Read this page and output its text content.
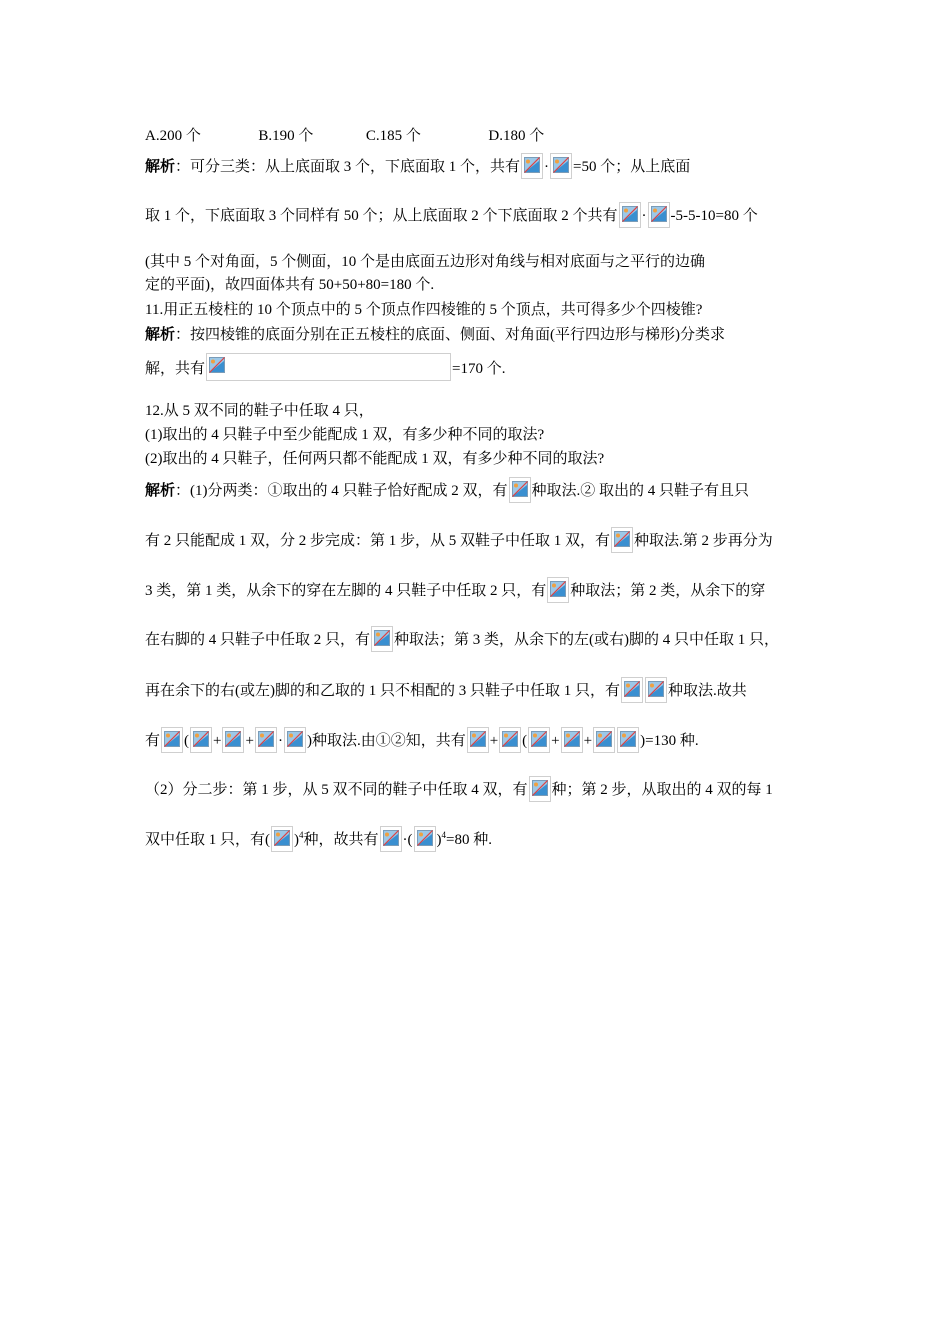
A.200 个	B.190 个	C.185 个	D.180 个
解析：可分三类：从上底面取 3 个，下底面取 1 个，共有 · =50 个；从上底面
取 1 个，下底面取 3 个同样有 50 个；从上底面取 2 个下底面取 2 个共有 · -5-5-10=80 个
(其中 5 个对角面，5 个侧面，10 个是由底面五边形对角线与相对底面与之平行的边确
定的平面)，故四面体共有 50+50+80=180 个.
11.用正五棱柱的 10 个顶点中的 5 个顶点作四棱锥的 5 个顶点，共可得多少个四棱锥?
解析：按四棱锥的底面分别在正五棱柱的底面、侧面、对角面(平行四边形与梯形)分类求
解，共有	=170 个.
12.从 5 双不同的鞋子中任取 4 只，
(1)取出的 4 只鞋子中至少能配成 1 双，有多少种不同的取法?
(2)取出的 4 只鞋子，任何两只都不能配成 1 双，有多少种不同的取法?
解析：(1)分两类：①取出的 4 只鞋子恰好配成 2 双，有 种取法.② 取出的 4 只鞋子有且只
有 2 只能配成 1 双，分 2 步完成：第 1 步，从 5 双鞋子中任取 1 双，有 种取法.第 2 步再分为
3 类，第 1 类，从余下的穿在左脚的 4 只鞋子中任取 2 只，有 种取法；第 2 类，从余下的穿
在右脚的 4 只鞋子中任取 2 只，有 种取法；第 3 类，从余下的左(或右)脚的 4 只中任取 1 只，
再在余下的右(或左)脚的和乙取的 1 只不相配的 3 只鞋子中任取 1 只，有	种取法.故共
有 ( + + · )种取法.由①②知，共有 + ( + +	)=130 种.
（2）分二步：第 1 步，从 5 双不同的鞋子中任取 4 双，有 种；第 2 步，从取出的 4 双的每 1
双中任取 1 只，有( )$^4$种，故共有 ·( )$^4$=80 种.
